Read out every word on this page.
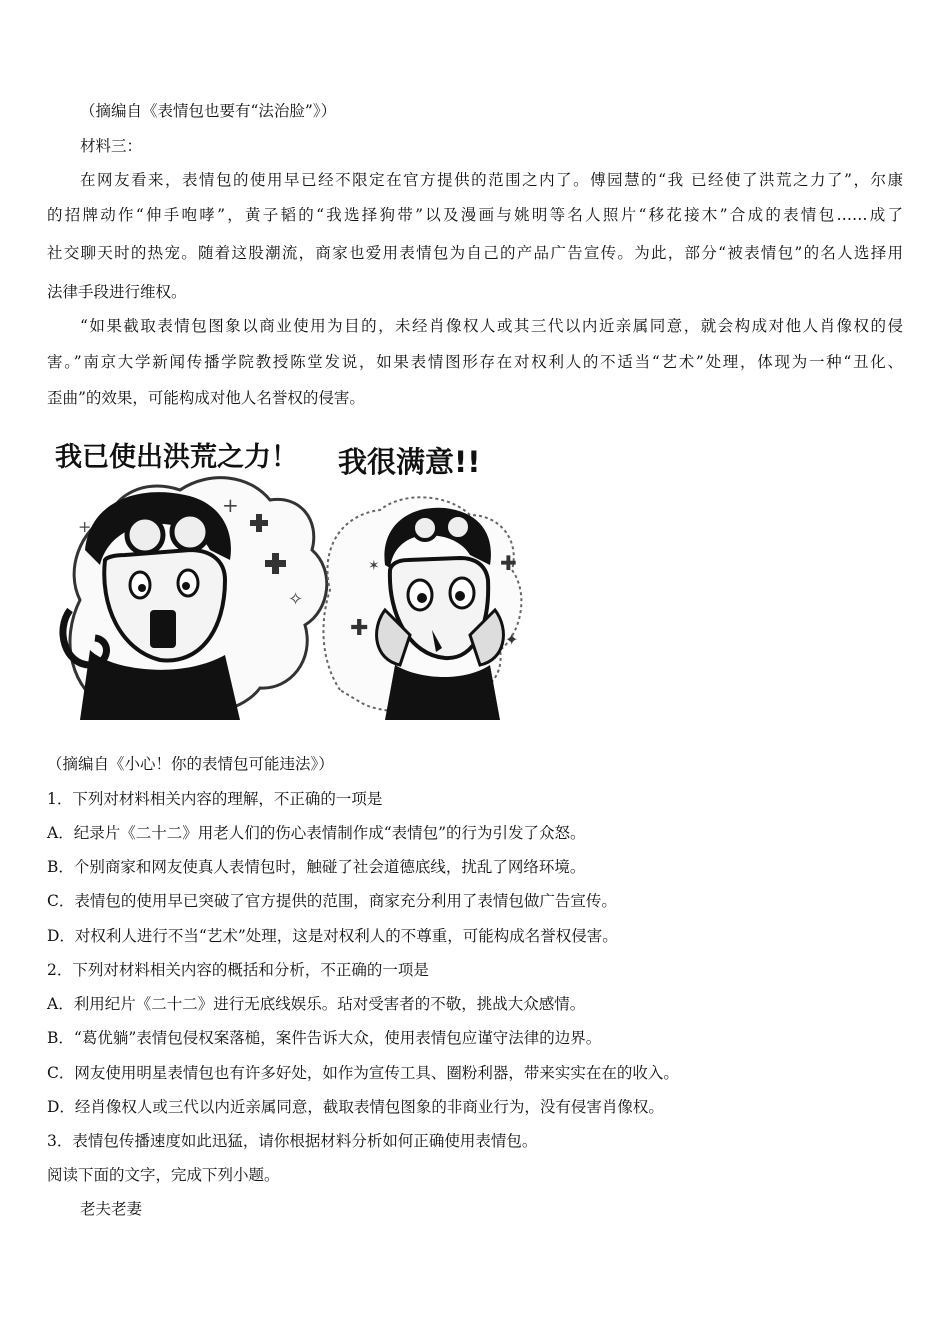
（摘编自《表情包也要有“法治脸”》）
材料三：
在网友看来，表情包的使用早已经不限定在官方提供的范围之内了。傅园慧的“我 已经使了洪荒之力了”，尔康
的招牌动作“伸手咆哮”，黄子韬的“我选择狗带”以及漫画与姚明等名人照片“移花接木”合成的表情包……成了
社交聊天时的热宠。随着这股潮流，商家也爱用表情包为自己的产品广告宣传。为此，部分“被表情包”的名人选择用
法律手段进行维权。
“如果截取表情包图象以商业使用为目的，未经肖像权人或其三代以内近亲属同意，就会构成对他人肖像权的侵
害。”南京大学新闻传播学院教授陈堂发说，如果表情图形存在对权利人的不适当“艺术”处理，体现为一种“丑化、
歪曲”的效果，可能构成对他人名誉权的侵害。
我已使出洪荒之力！
+
✧
+
我很满意!!
✚
✚
✦
✶
（摘编自《小心！你的表情包可能违法》）
1．下列对材料相关内容的理解，不正确的一项是
A．纪录片《二十二》用老人们的伤心表情制作成“表情包”的行为引发了众怒。
B．个别商家和网友使真人表情包时，触碰了社会道德底线，扰乱了网络环境。
C．表情包的使用早已突破了官方提供的范围，商家充分利用了表情包做广告宣传。
D．对权利人进行不当“艺术”处理，这是对权利人的不尊重，可能构成名誉权侵害。
2．下列对材料相关内容的概括和分析，不正确的一项是
A．利用纪片《二十二》进行无底线娱乐。玷对受害者的不敬，挑战大众感情。
B．“葛优躺”表情包侵权案落槌，案件告诉大众，使用表情包应谨守法律的边界。
C．网友使用明星表情包也有许多好处，如作为宣传工具、圈粉利器，带来实实在在的收入。
D．经肖像权人或三代以内近亲属同意，截取表情包图象的非商业行为，没有侵害肖像权。
3．表情包传播速度如此迅猛，请你根据材料分析如何正确使用表情包。
阅读下面的文字，完成下列小题。
老夫老妻
